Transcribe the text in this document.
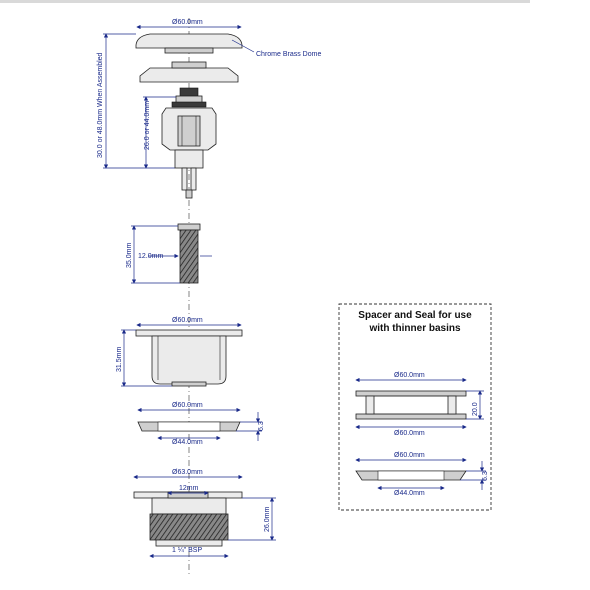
Ø60.0mm
Chrome Brass Dome
30.0 or 48.0mm When Assembled	26.0 or 44.0mm
12.0mm
35.0mm
Ø60.0mm
31.5mm
Ø60.0mm
Ø44.0mm
6.3
Ø63.0mm
12mm
1 ¼" BSP
26.0mm
Spacer and Seal for use
with thinner basins
Ø60.0mm
Ø60.0mm
20.0
Ø60.0mm
Ø44.0mm
6.3
